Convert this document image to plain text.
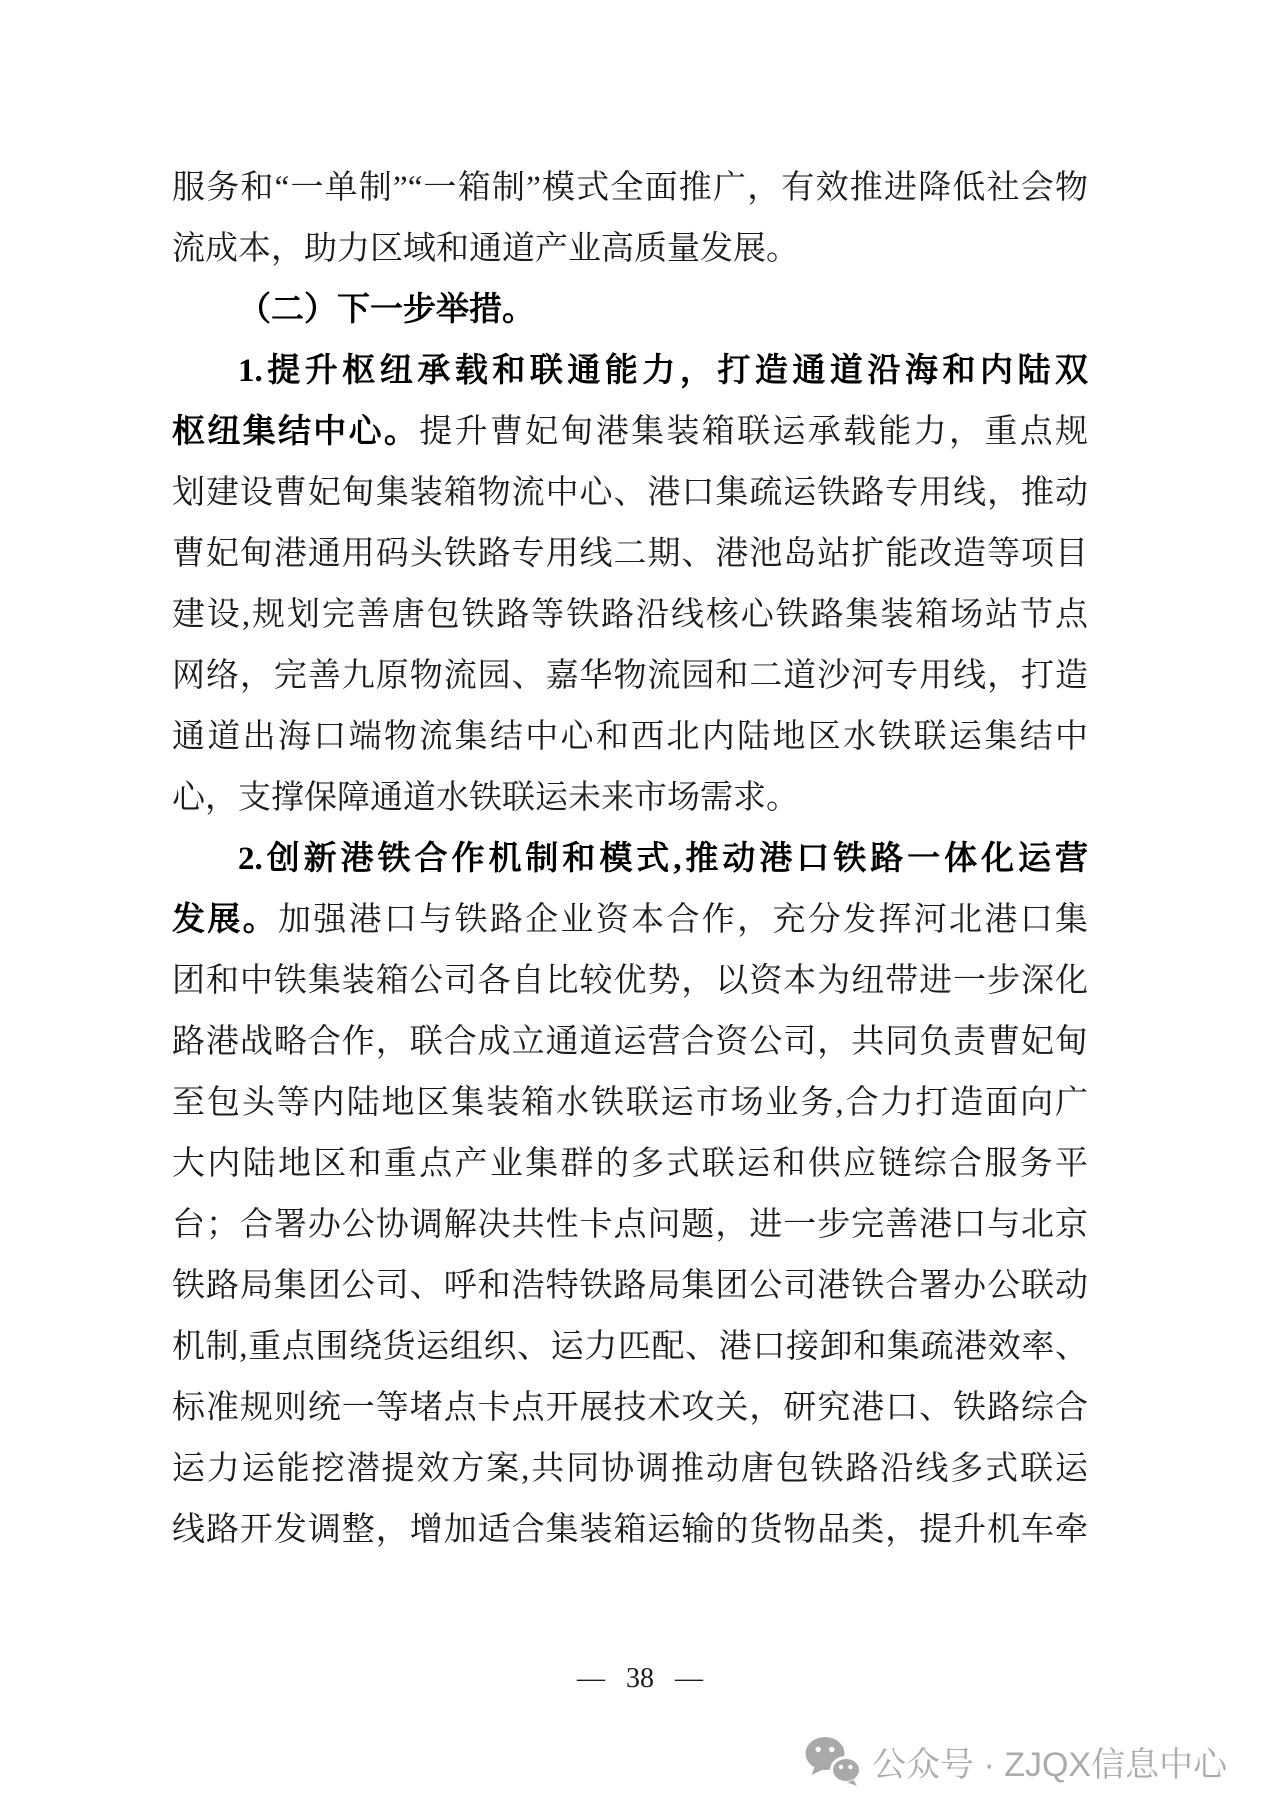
服务和“一单制”“一箱制”模式全面推广，有效推进降低社会物
流成本，助力区域和通道产业高质量发展。
（二）下一步举措。
1.提升枢纽承载和联通能力，打造通道沿海和内陆双
枢纽集结中心。提升曹妃甸港集装箱联运承载能力，重点规
划建设曹妃甸集装箱物流中心、港口集疏运铁路专用线，推动
曹妃甸港通用码头铁路专用线二期、港池岛站扩能改造等项目
建设,规划完善唐包铁路等铁路沿线核心铁路集装箱场站节点
网络，完善九原物流园、嘉华物流园和二道沙河专用线，打造
通道出海口端物流集结中心和西北内陆地区水铁联运集结中
心，支撑保障通道水铁联运未来市场需求。
2.创新港铁合作机制和模式,推动港口铁路一体化运营
发展。加强港口与铁路企业资本合作，充分发挥河北港口集
团和中铁集装箱公司各自比较优势，以资本为纽带进一步深化
路港战略合作，联合成立通道运营合资公司，共同负责曹妃甸
至包头等内陆地区集装箱水铁联运市场业务,合力打造面向广
大内陆地区和重点产业集群的多式联运和供应链综合服务平
台；合署办公协调解决共性卡点问题，进一步完善港口与北京
铁路局集团公司、呼和浩特铁路局集团公司港铁合署办公联动
机制,重点围绕货运组织、运力匹配、港口接卸和集疏港效率、
标准规则统一等堵点卡点开展技术攻关，研究港口、铁路综合
运力运能挖潜提效方案,共同协调推动唐包铁路沿线多式联运
线路开发调整，增加适合集装箱运输的货物品类，提升机车牵
— 38 —
公众号 · ZJQX信息中心
